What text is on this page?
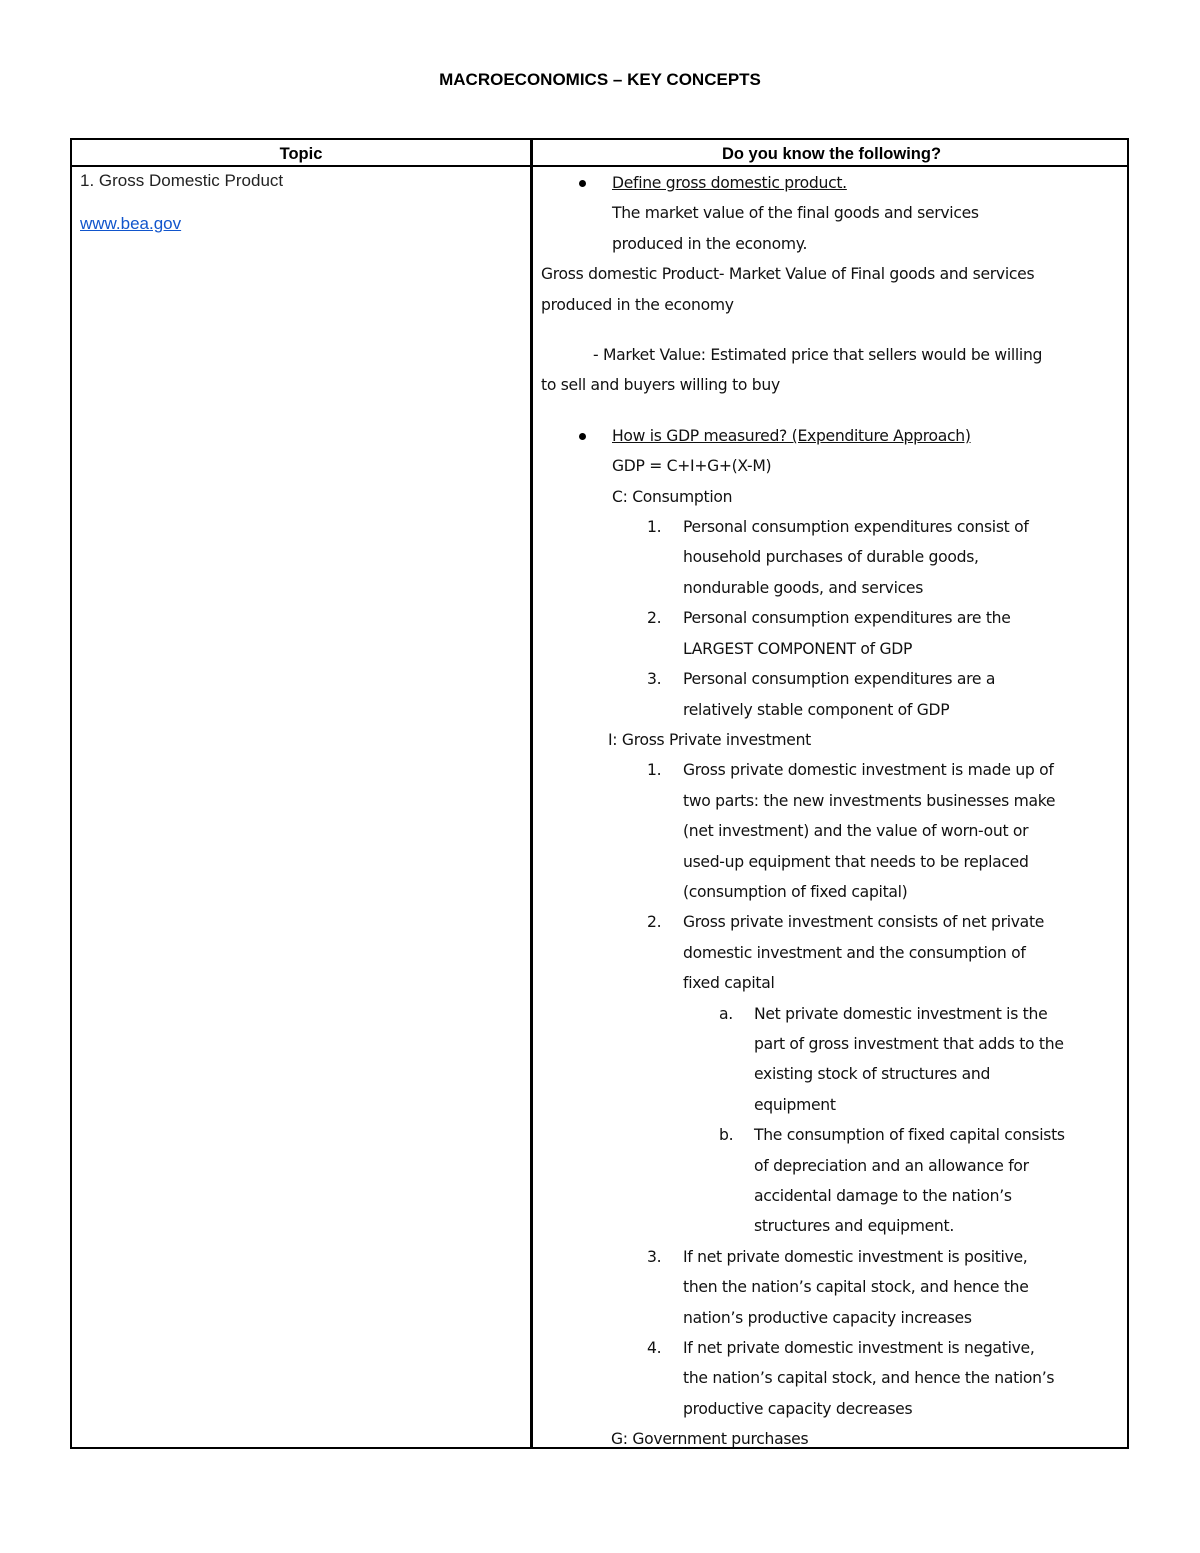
MACROECONOMICS – KEY CONCEPTS
Topic	Do you know the following?
1. Gross Domestic Product
www.bea.gov
Define gross domestic product.
The market value of the final goods and services
produced in the economy.
Gross domestic Product- Market Value of Final goods and services
produced in the economy
- Market Value: Estimated price that sellers would be willing
to sell and buyers willing to buy
How is GDP measured? (Expenditure Approach)
GDP = C+I+G+(X-M)
C: Consumption
1. Personal consumption expenditures consist of
household purchases of durable goods,
nondurable goods, and services
2. Personal consumption expenditures are the
LARGEST COMPONENT of GDP
3. Personal consumption expenditures are a
relatively stable component of GDP
I: Gross Private investment
1. Gross private domestic investment is made up of
two parts: the new investments businesses make
(net investment) and the value of worn-out or
used-up equipment that needs to be replaced
(consumption of fixed capital)
2. Gross private investment consists of net private
domestic investment and the consumption of
fixed capital
a. Net private domestic investment is the
part of gross investment that adds to the
existing stock of structures and
equipment
b. The consumption of fixed capital consists
of depreciation and an allowance for
accidental damage to the nation’s
structures and equipment.
3. If net private domestic investment is positive,
then the nation’s capital stock, and hence the
nation’s productive capacity increases
4. If net private domestic investment is negative,
the nation’s capital stock, and hence the nation’s
productive capacity decreases
G: Government purchases
